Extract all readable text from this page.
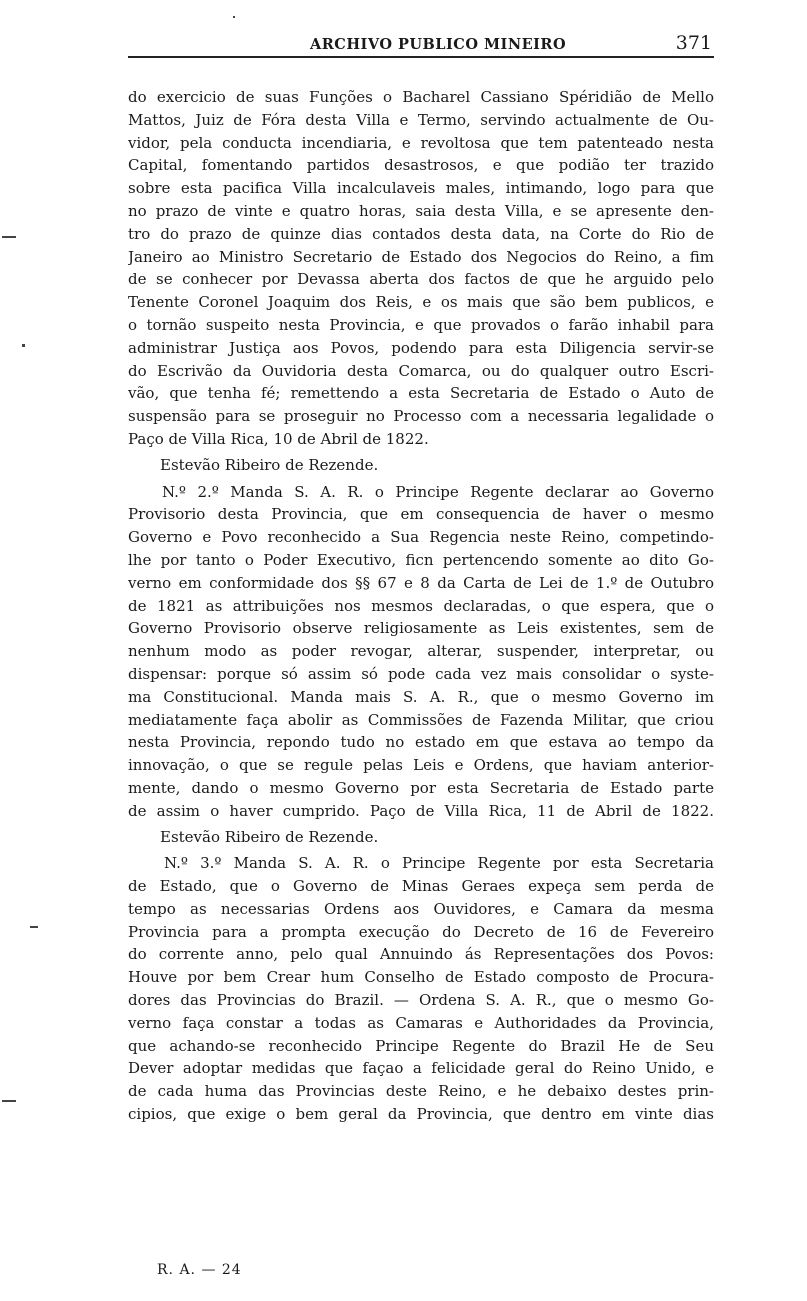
ARCHIVO PUBLICO MINEIRO	371
do exercicio de suas Funções o Bacharel Cassiano Spéridião de Mello
Mattos, Juiz de Fóra desta Villa e Termo, servindo actualmente de Ou-
vidor, pela conducta incendiaria, e revoltosa que tem patenteado nesta
Capital, fomentando partidos desastrosos, e que podião ter trazido
sobre esta pacifica Villa incalculaveis males, intimando, logo para que
no prazo de vinte e quatro horas, saia desta Villa, e se apresente den-
tro do prazo de quinze dias contados desta data, na Corte do Rio de
Janeiro ao Ministro Secretario de Estado dos Negocios do Reino, a fim
de se conhecer por Devassa aberta dos factos de que he arguido pelo
Tenente Coronel Joaquim dos Reis, e os mais que são bem publicos, e
o tornão suspeito nesta Provincia, e que provados o farão inhabil para
administrar Justiça aos Povos, podendo para esta Diligencia servir-se
do Escrivão da Ouvidoria desta Comarca, ou do qualquer outro Escri-
vão, que tenha fé; remettendo a esta Secretaria de Estado o Auto de
suspensão para se proseguir no Processo com a necessaria legalidade o
Paço de Villa Rica, 10 de Abril de 1822.
Estevão Ribeiro de Rezende.
N.º 2.º Manda S. A. R. o Principe Regente declarar ao Governo
Provisorio desta Provincia, que em consequencia de haver o mesmo
Governo e Povo reconhecido a Sua Regencia neste Reino, competindo-
lhe por tanto o Poder Executivo, ficn pertencendo somente ao dito Go-
verno em conformidade dos §§ 67 e 8 da Carta de Lei de 1.º de Outubro
de 1821 as attribuições nos mesmos declaradas, o que espera, que o
Governo Provisorio observe religiosamente as Leis existentes, sem de
nenhum modo as poder revogar, alterar, suspender, interpretar, ou
dispensar: porque só assim só pode cada vez mais consolidar o syste-
ma Constitucional. Manda mais S. A. R., que o mesmo Governo im
mediatamente faça abolir as Commissões de Fazenda Militar, que criou
nesta Provincia, repondo tudo no estado em que estava ao tempo da
innovação, o que se regule pelas Leis e Ordens, que haviam anterior-
mente, dando o mesmo Governo por esta Secretaria de Estado parte
de assim o haver cumprido. Paço de Villa Rica, 11 de Abril de 1822.
Estevão Ribeiro de Rezende.
N.º 3.º Manda S. A. R. o Principe Regente por esta Secretaria
de Estado, que o Governo de Minas Geraes expeça sem perda de
tempo as necessarias Ordens aos Ouvidores, e Camara da mesma
Provincia para a prompta execução do Decreto de 16 de Fevereiro
do corrente anno, pelo qual Annuindo ás Representações dos Povos:
Houve por bem Crear hum Conselho de Estado composto de Procura-
dores das Provincias do Brazil. — Ordena S. A. R., que o mesmo Go-
verno faça constar a todas as Camaras e Authoridades da Provincia,
que achando-se reconhecido Principe Regente do Brazil He de Seu
Dever adoptar medidas que façao a felicidade geral do Reino Unido, e
de cada huma das Provincias deste Reino, e he debaixo destes prin-
cipios, que exige o bem geral da Provincia, que dentro em vinte dias
R. A. — 24
